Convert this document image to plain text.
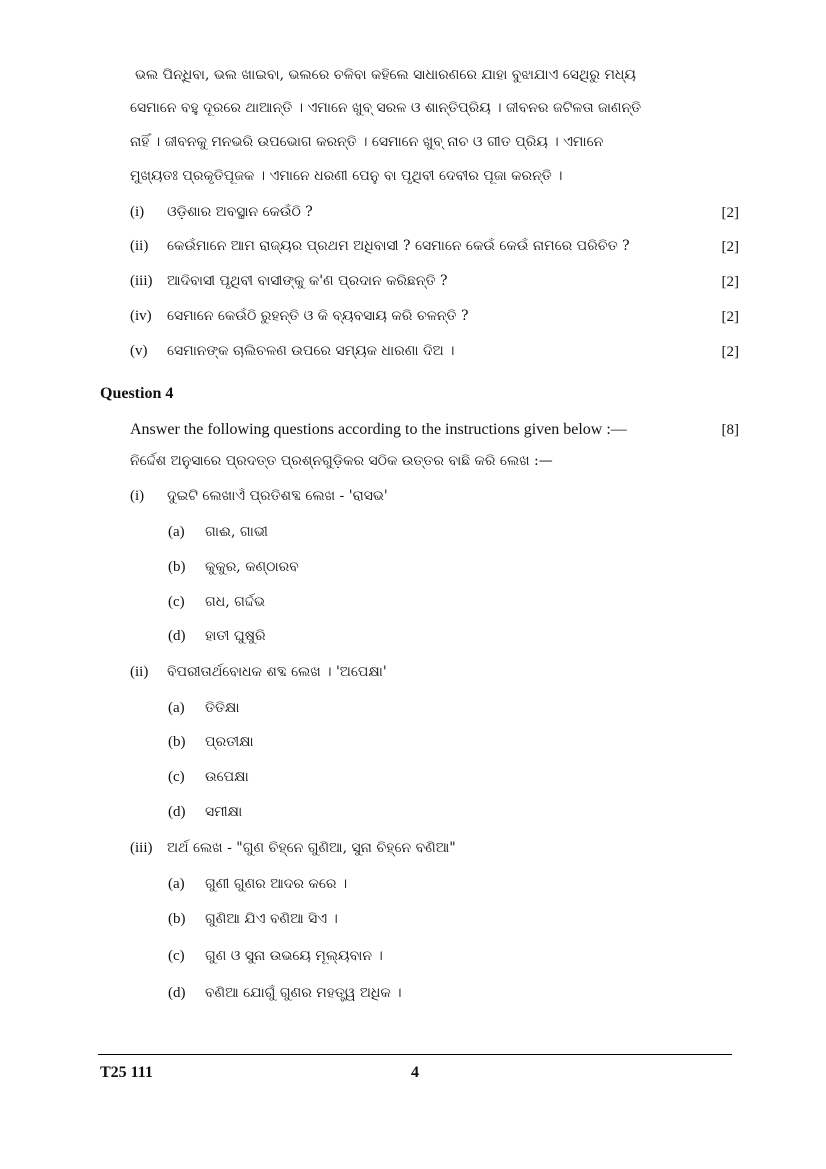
ଭଲ ପିନ୍ଧିବା, ଭଲ ଖାଇବା, ଭଲରେ ଚଳିବା କହିଲେ ସାଧାରଣରେ ଯାହା ବୁଝାଯାଏ ସେଥିରୁ ମଧ୍ୟ
ସେମାନେ ବହୁ ଦୂରରେ ଥାଆନ୍ତି । ଏମାନେ ଖୁବ୍ ସରଳ ଓ ଶାନ୍ତିପ୍ରିୟ । ଜୀବନର ଜଟିଳତା ଜାଣନ୍ତି
ନାହିଁ । ଜୀବନକୁ ମନଭରି ଉପଭୋଗ କରନ୍ତି । ସେମାନେ ଖୁବ୍ ନାଚ ଓ ଗୀତ ପ୍ରିୟ । ଏମାନେ
ମୁଖ୍ୟତଃ ପ୍ରକୃତିପୂଜକ । ଏମାନେ ଧରଣୀ ପେନୁ ବା ପୃଥିବୀ ଦେବୀର ପୂଜା କରନ୍ତି ।
(i) ଓଡ଼ିଶାର ଅବସ୍ଥାନ କେଉଁଠି ?	[2]
(ii) କେଉଁମାନେ ଆମ ରାଜ୍ୟର ପ୍ରଥମ ଅଧିବାସୀ ? ସେମାନେ କେଉଁ କେଉଁ ନାମରେ ପରିଚିତ ?	[2]
(iii) ଆଦିବାସୀ ପୃଥିବୀ ବାସୀଙ୍କୁ କ'ଣ ପ୍ରଦାନ କରିଛନ୍ତି ?	[2]
(iv) ସେମାନେ କେଉଁଠି ରୁହନ୍ତି ଓ କି ବ୍ୟବସାୟ କରି ଚଳନ୍ତି ?	[2]
(v) ସେମାନଙ୍କ ଚାଲିଚଳଣ ଉପରେ ସମ୍ୟକ ଧାରଣା ଦିଅ ।	[2]
Question 4
Answer the following questions according to the instructions given below :—	[8]
ନିର୍ଦ୍ଦେଶ ଅନୁସାରେ ପ୍ରଦତ୍ତ ପ୍ରଶ୍ନଗୁଡ଼ିକର ସଠିକ ଉତ୍ତର ବାଛି କରି ଲେଖ :—
(i) ଦୁଇଟି ଲେଖାଏଁ ପ୍ରତିଶବ୍ଦ ଲେଖ - 'ରାସଭ'
(a) ଗାଈ, ଗାଭୀ
(b) କୁକୁର, କଣ୍ଠାରବ
(c) ଗଧ, ଗର୍ଦ୍ଦଭ
(d) ହାତୀ ଘୁଷୁରି
(ii) ବିପରୀତାର୍ଥବୋଧକ ଶବ୍ଦ ଲେଖ । 'ଅପେକ୍ଷା'
(a) ତିତିକ୍ଷା
(b) ପ୍ରତୀକ୍ଷା
(c) ଉପେକ୍ଷା
(d) ସମୀକ୍ଷା
(iii) ଅର୍ଥ ଲେଖ - "ଗୁଣ ଚିହ୍ନେ ଗୁଣିଆ, ସୁନା ଚିହ୍ନେ ବଣିଆ"
(a) ଗୁଣୀ ଗୁଣର ଆଦର କରେ ।
(b) ଗୁଣିଆ ଯିଏ ବଣିଆ ସିଏ ।
(c) ଗୁଣ ଓ ସୁନା ଉଭୟେ ମୂଲ୍ୟବାନ ।
(d) ବଣିଆ ଯୋଗୁଁ ଗୁଣର ମହତ୍ତ୍ୱ ଅଧିକ ।
T25 111	4
